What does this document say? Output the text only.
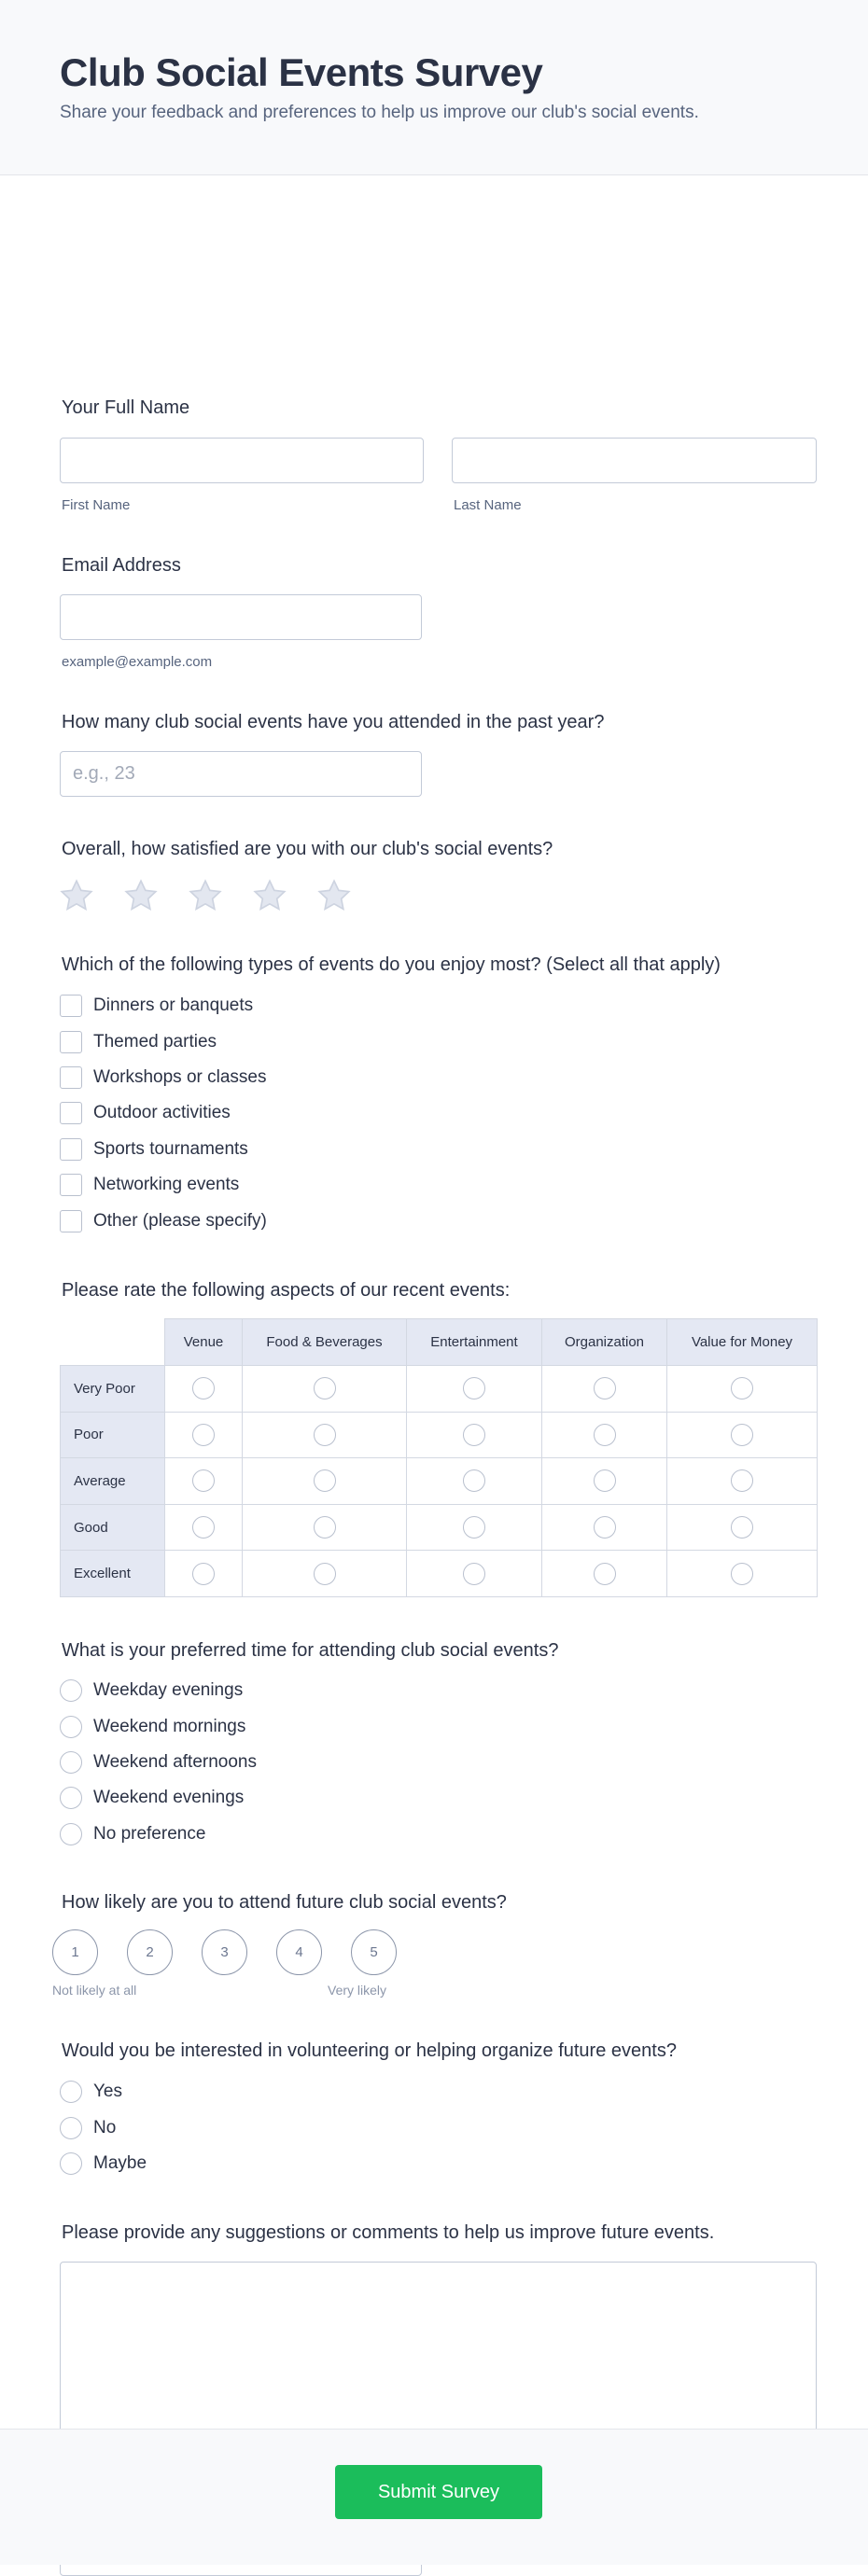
Club Social Events Survey
Share your feedback and preferences to help us improve our club's social events.
Your Full Name
First Name	Last Name
Email Address
example@example.com
How many club social events have you attended in the past year?
e.g., 23
Overall, how satisfied are you with our club's social events?
Which of the following types of events do you enjoy most? (Select all that apply)
Dinners or banquets
Themed parties
Workshops or classes
Outdoor activities
Sports tournaments
Networking events
Other (please specify)
Please rate the following aspects of our recent events:
	Venue	Food & Beverages	Entertainment	Organization	Value for Money
Very Poor					
Poor					
Average					
Good					
Excellent					
What is your preferred time for attending club social events?
Weekday evenings
Weekend mornings
Weekend afternoons
Weekend evenings
No preference
How likely are you to attend future club social events?
1	2	3	4	5
Not likely at all	Very likely
Would you be interested in volunteering or helping organize future events?
Yes
No
Maybe
Please provide any suggestions or comments to help us improve future events.
Submit Survey
